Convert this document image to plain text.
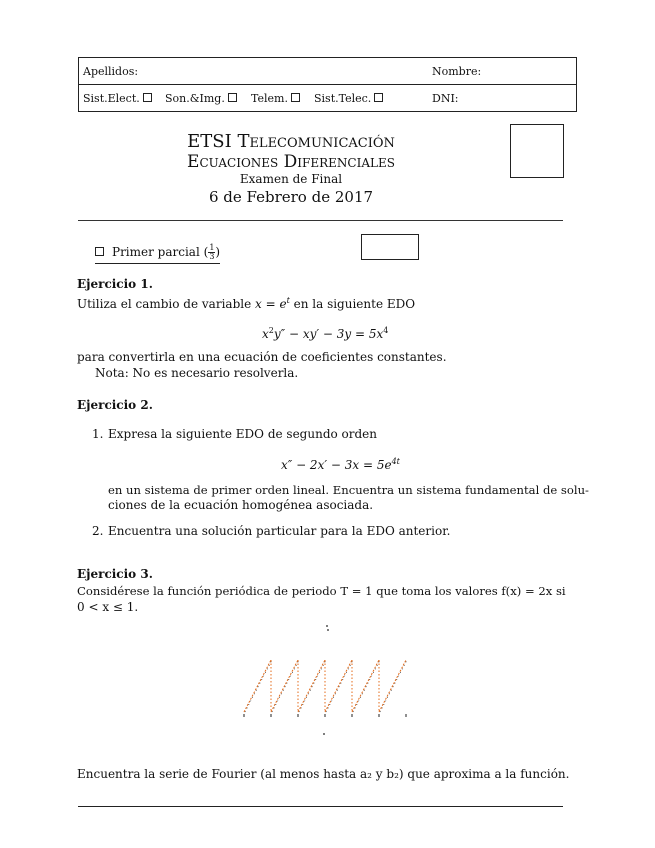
Apellidos:	Nombre:
Sist.Elect.	Son.&Img.	Telem.	Sist.Telec.	DNI:
ETSI Telecomunicación
Ecuaciones Diferenciales
Examen de Final
6 de Febrero de 2017
Primer parcial ( $\frac{1}{3}$ )
Ejercicio 1.
Utiliza el cambio de variable $x = e^t$ en la siguiente EDO
$x^2y'' - xy' - 3y = 5x^4$
para convertirla en una ecuación de coeficientes constantes.
Nota: No es necesario resolverla.
Ejercicio 2.
1. Expresa la siguiente EDO de segundo orden
$x'' - 2x' - 3x = 5e^{4t}$
en un sistema de primer orden lineal. Encuentra un sistema fundamental de solu-
ciones de la ecuación homogénea asociada.
2. Encuentra una solución particular para la EDO anterior.
Ejercicio 3.
Considérese la función periódica de periodo T = 1 que toma los valores f(x) = 2x si
0 < x ≤ 1.
Encuentra la serie de Fourier (al menos hasta a₂ y b₂) que aproxima a la función.
